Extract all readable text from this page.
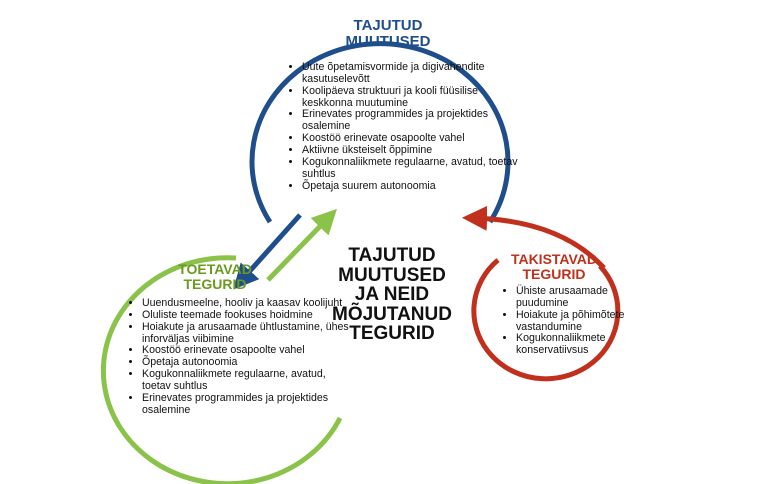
TAJUTUD
MUUTUSED
• Uute õpetamisvormide ja digivahendite kasutuselevõtt
• Koolipäeva struktuuri ja kooli füüsilise keskkonna muutumine
• Erinevates programmides ja projektides osalemine
• Koostöö erinevate osapoolte vahel
• Aktiivne üksteiselt õppimine
• Kogukonnaliikmete regulaarne, avatud, toetav suhtlus
• Õpetaja suurem autonoomia
TAJUTUD
MUUTUSED
JA NEID
MÕJUTANUD
TEGURID
TOETAVAD
TEGURID
• Uuendusmeelne, hooliv ja kaasav koolijuht
• Oluliste teemade fookuses hoidmine
• Hoiakute ja arusaamade ühtlustamine, ühes inforväljas viibimine
• Koostöö erinevate osapoolte vahel
• Õpetaja autonoomia
• Kogukonnaliikmete regulaarne, avatud, toetav suhtlus
• Erinevates programmides ja projektides osalemine
TAKISTAVAD
TEGURID
• Ühiste arusaamade puudumine
• Hoiakute ja põhimõtete vastandumine
• Kogukonnaliikmete konservatiivsus
